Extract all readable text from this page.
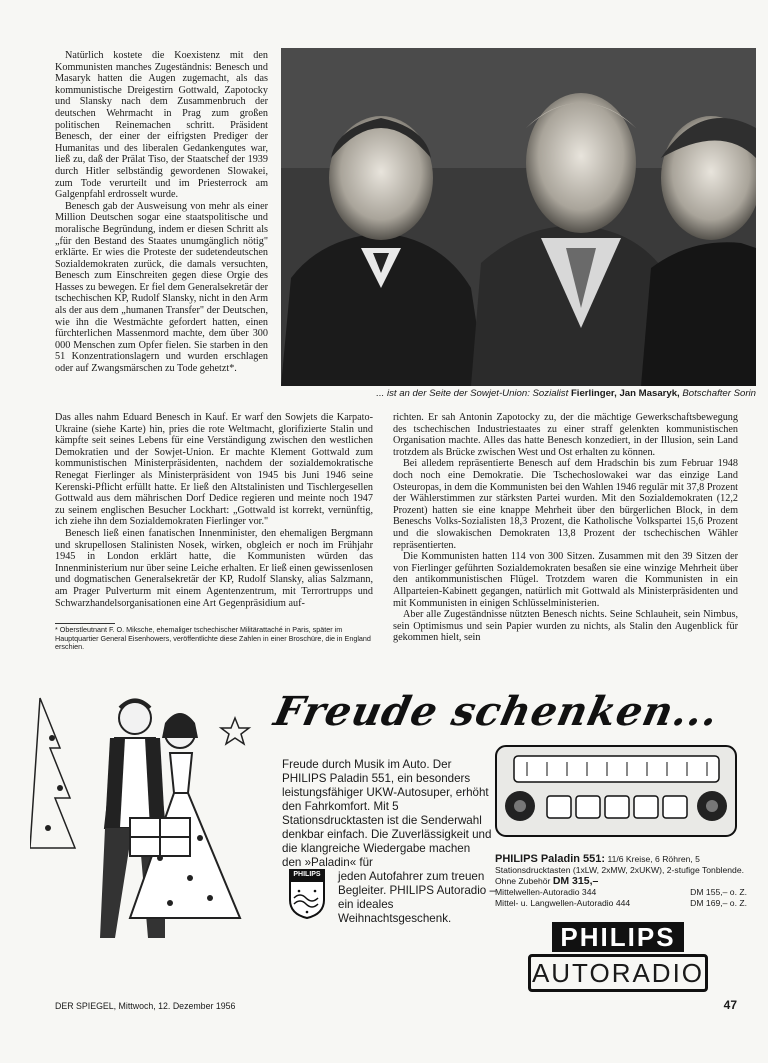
Natürlich kostete die Koexistenz mit den Kommunisten manches Zugeständnis: Benesch und Masaryk hatten die Augen zugemacht, als das kommunistische Dreigestirn Gottwald, Zapotocky und Slansky nach dem Zusammenbruch der deutschen Wehrmacht in Prag zum großen politischen Reinemachen schritt. Präsident Benesch, der einer der eifrigsten Prediger der Humanitas und des liberalen Gedankengutes war, ließ zu, daß der Prälat Tiso, der Staatschef der 1939 durch Hitler selbständig gewordenen Slowakei, zum Tode verurteilt und im Priesterrock am Galgenpfahl erdrosselt wurde.

Benesch gab der Ausweisung von mehr als einer Million Deutschen sogar eine staatspolitische und moralische Begründung, indem er diesen Schritt als „für den Bestand des Staates unumgänglich nötig" erklärte. Er wies die Proteste der sudetendeutschen Sozialdemokraten zurück, die damals versuchten, Benesch zum Einschreiten gegen diese Orgie des Hasses zu bewegen. Er fiel dem Generalsekretär der tschechischen KP, Rudolf Slansky, nicht in den Arm als der aus dem „humanen Transfer" der Deutschen, wie ihn die Westmächte gefordert hatten, einen fürchterlichen Massenmord machte, dem über 300 000 Menschen zum Opfer fielen. Sie starben in den 51 Konzentrationslagern und wurden erschlagen oder auf Zwangsmärschen zu Tode gehetzt*.

... ist an der Seite der Sowjet-Union: Sozialist Fierlinger, Jan Masaryk, Botschafter Sorin

Das alles nahm Eduard Benesch in Kauf. Er warf den Sowjets die Karpato-Ukraine (siehe Karte) hin, pries die rote Weltmacht, glorifizierte Stalin und kämpfte seit seines Lebens für eine Verständigung zwischen den westlichen Demokratien und der Sowjet-Union. Er machte Klement Gottwald zum kommunistischen Ministerpräsidenten, nachdem der sozialdemokratische Renegat Fierlinger als Ministerpräsident von 1945 bis Juni 1946 seine Kerenski-Pflicht erfüllt hatte. Er ließ den Altstalinisten und Tischlergesellen Gottwald aus dem mährischen Dorf Dedice regieren und meinte noch 1947 zu seinem englischen Besucher Lockhart: „Gottwald ist korrekt, vernünftig, ich ziehe ihn dem Sozialdemokraten Fierlinger vor."

Benesch ließ einen fanatischen Innenminister, den ehemaligen Bergmann und skrupellosen Stalinisten Nosek, wirken, obgleich er noch im Frühjahr 1945 in London erklärt hatte, die Kommunisten würden das Innenministerium nur über seine Leiche erhalten. Er ließ einen gewissenlosen und dogmatischen Generalsekretär der KP, Rudolf Slansky, alias Salzmann, am Prager Pulverturm mit einem Agentenzentrum, mit Terrortrupps und Schwarzhandelsorganisationen eine Art Gegenpräsidium auf-

* Oberstleutnant F. O. Miksche, ehemaliger tschechischer Militärattaché in Paris, später im Hauptquartier General Eisenhowers, veröffentlichte diese Zahlen in einer Broschüre, die in England erschien.

richten. Er sah Antonin Zapotocky zu, der die mächtige Gewerkschaftsbewegung des tschechischen Industriestaates zu einer straff gelenkten kommunistischen Organisation machte. Alles das hatte Benesch konzediert, in der Illusion, sein Land trotzdem als Brücke zwischen West und Ost erhalten zu können.

Bei alledem repräsentierte Benesch auf dem Hradschin bis zum Februar 1948 doch noch eine Demokratie. Die Tschechoslowakei war das einzige Land Osteuropas, in dem die Kommunisten bei den Wahlen 1946 regulär mit 37,8 Prozent der Wählerstimmen zur stärksten Partei wurden. Mit den Sozialdemokraten (12,2 Prozent) hatten sie eine knappe Mehrheit über den bürgerlichen Block, in dem Beneschs Volks-Sozialisten 18,3 Prozent, die Katholische Volkspartei 15,6 Prozent und die slowakischen Demokraten 13,8 Prozent der tschechischen Wähler repräsentierten.

Die Kommunisten hatten 114 von 300 Sitzen. Zusammen mit den 39 Sitzen der von Fierlinger geführten Sozialdemokraten besaßen sie eine winzige Mehrheit über den antikommunistischen Flügel. Trotzdem waren die Kommunisten in ein Allparteien-Kabinett gegangen, natürlich mit Gottwald als Ministerpräsidenten und mit Kommunisten in einigen Schlüsselministerien.

Aber alle Zugeständnisse nützten Benesch nichts. Seine Schlauheit, sein Nimbus, sein Optimismus und sein Papier wurden zu nichts, als Stalin den Augenblick für gekommen hielt, sein

Freude schenken...
Freude durch Musik im Auto. Der PHILIPS Paladin 551, ein besonders leistungsfähiger UKW-Autosuper, erhöht den Fahrkomfort. Mit 5 Stationsdrucktasten ist die Senderwahl denkbar einfach. Die Zuverlässigkeit und die klangreiche Wiedergabe machen den »Paladin« für
jeden Autofahrer zum treuen Begleiter. PHILIPS Autoradio – ein ideales Weihnachtsgeschenk.
PHILIPS
PHILIPS Paladin 551: 11/6 Kreise, 6 Röhren, 5 Stationsdrucktasten (1xLW, 2xMW, 2xUKW), 2-stufige Tonblende. Ohne Zubehör DM 315,–
Mittelwellen-Autoradio 344	DM 155,– o. Z.
Mittel- u. Langwellen-Autoradio 444	DM 169,– o. Z.
PHILIPS
AUTORADIO
DER SPIEGEL, Mittwoch, 12. Dezember 1956	47
